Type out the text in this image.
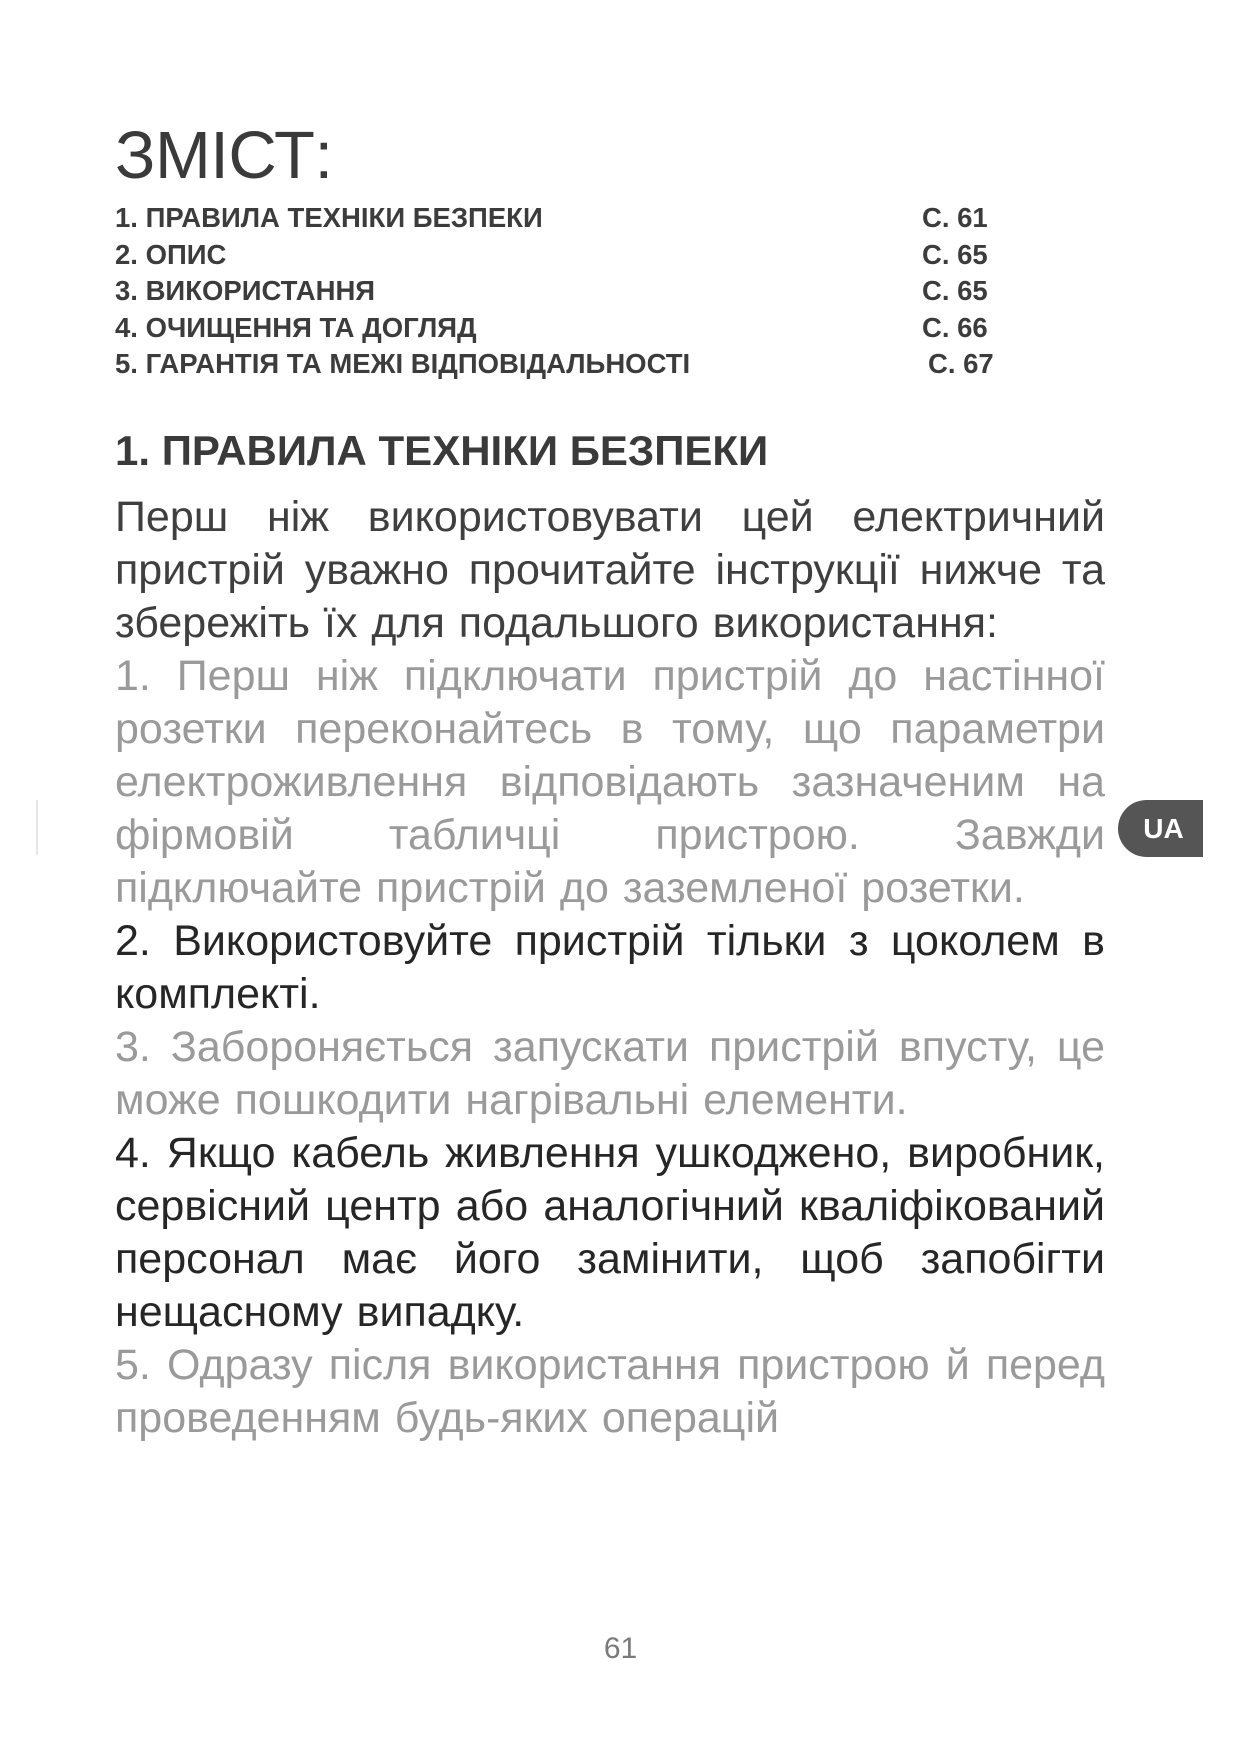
ЗМІСТ:
1. ПРАВИЛА ТЕХНІКИ БЕЗПЕКИ	С. 61
2. ОПИС	С. 65
3. ВИКОРИСТАННЯ	С. 65
4. ОЧИЩЕННЯ ТА ДОГЛЯД	С. 66
5. ГАРАНТІЯ ТА МЕЖІ ВІДПОВІДАЛЬНОСТІ	С. 67
1. ПРАВИЛА ТЕХНІКИ БЕЗПЕКИ

Перш ніж використовувати цей електричний пристрій уважно прочитайте інструкції нижче та збережіть їх для подальшого використання:

1. Перш ніж підключати пристрій до настінної розетки переконайтесь в тому, що параметри електроживлення відповідають зазначеним на фірмовій табличці пристрою. Завжди підключайте пристрій до заземленої розетки.

2. Використовуйте пристрій тільки з цоколем в комплекті.

3. Забороняється запускати пристрій впусту, це може пошкодити нагрівальні елементи.

4. Якщо кабель живлення ушкоджено, виробник, сервісний центр або аналогічний кваліфікований персонал має його замінити, щоб запобігти нещасному випадку.

5. Одразу після використання пристрою й перед проведенням будь-яких операцій

UA
61
